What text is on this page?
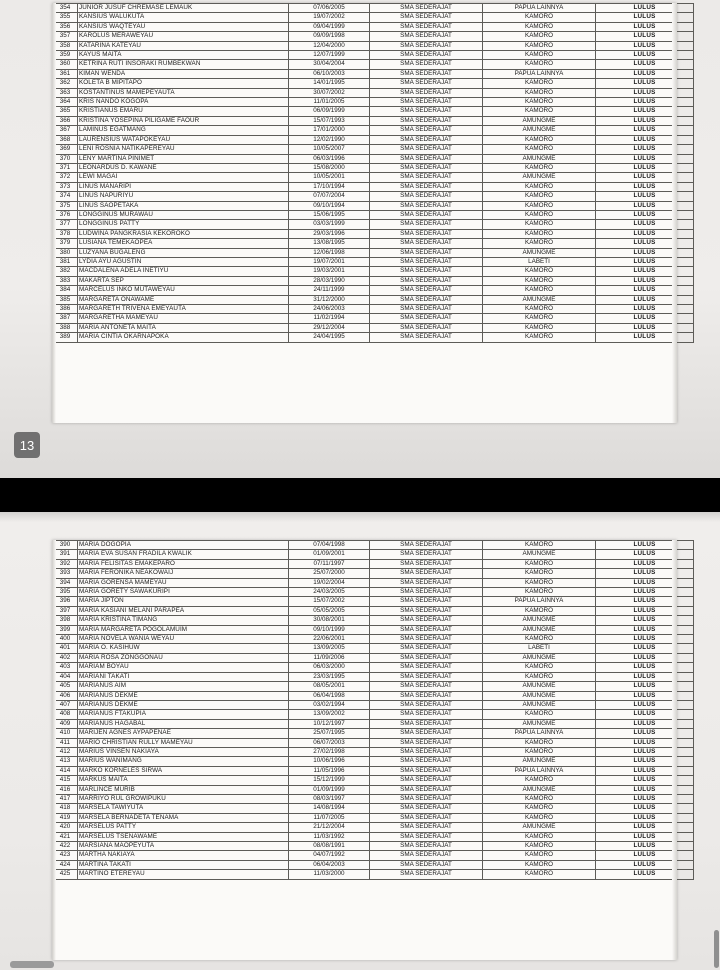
354	JUNIOR JUSUF CHREMASE LEMAUK	07/06/2005	SMA SEDERAJAT	PAPUA LAINNYA	LULUS
355	KANSIUS WALUKUTA	19/07/2002	SMA SEDERAJAT	KAMORO	LULUS
356	KANSIUS WAQTEYAU	09/04/1999	SMA SEDERAJAT	KAMORO	LULUS
357	KAROLUS MERAWEYAU	09/09/1998	SMA SEDERAJAT	KAMORO	LULUS
358	KATARINA KATEYAU	12/04/2000	SMA SEDERAJAT	KAMORO	LULUS
359	KAYUS MAITA	12/07/1999	SMA SEDERAJAT	KAMORO	LULUS
360	KETRINA RUTI INSORAKI RUMBEKWAN	30/04/2004	SMA SEDERAJAT	KAMORO	LULUS
361	KIMAN WENDA	06/10/2003	SMA SEDERAJAT	PAPUA LAINNYA	LULUS
362	KOLETA B MIPITAPO	14/01/1995	SMA SEDERAJAT	KAMORO	LULUS
363	KOSTANTINUS MAMEPEYAUTA	30/07/2002	SMA SEDERAJAT	KAMORO	LULUS
364	KRIS NANDO KOGOPA	11/01/2005	SMA SEDERAJAT	KAMORO	LULUS
365	KRISTIANUS EMARU	06/09/1999	SMA SEDERAJAT	KAMORO	LULUS
366	KRISTINA YOSEPINA PILIGAME FAOUR	15/07/1993	SMA SEDERAJAT	AMUNGME	LULUS
367	LAMINUS EGATMANG	17/01/2000	SMA SEDERAJAT	AMUNGME	LULUS
368	LAURENSIUS WATAPOKEYAU	12/02/1990	SMA SEDERAJAT	KAMORO	LULUS
369	LENI ROSNIA NATIKAPEREYAU	10/05/2007	SMA SEDERAJAT	KAMORO	LULUS
370	LENY MARTINA PINIMET	06/03/1996	SMA SEDERAJAT	AMUNGME	LULUS
371	LEONARDUS D. KAWANE	15/08/2000	SMA SEDERAJAT	KAMORO	LULUS
372	LEWI MAGAI	10/05/2001	SMA SEDERAJAT	AMUNGME	LULUS
373	LINUS MANARIPI	17/10/1994	SMA SEDERAJAT	KAMORO	LULUS
374	LINUS NAPURIYU	07/07/2004	SMA SEDERAJAT	KAMORO	LULUS
375	LINUS SAOPETAKA	09/10/1994	SMA SEDERAJAT	KAMORO	LULUS
376	LONGGINUS MURAWAU	15/06/1995	SMA SEDERAJAT	KAMORO	LULUS
377	LONGGINUS PATTY	03/03/1999	SMA SEDERAJAT	KAMORO	LULUS
378	LUDWINA PANGKRASIA KEKOROKO	29/03/1996	SMA SEDERAJAT	KAMORO	LULUS
379	LUSIANA TEMEKAOPEA	13/08/1995	SMA SEDERAJAT	KAMORO	LULUS
380	LUZYANA BUGALENG	12/06/1998	SMA SEDERAJAT	AMUNGME	LULUS
381	LYDIA AYU AGUSTIN	19/07/2001	SMA SEDERAJAT	LABETI	LULUS
382	MACDALENA ADELA INETIYU	19/03/2001	SMA SEDERAJAT	KAMORO	LULUS
383	MAKARTA SEP	28/03/1990	SMA SEDERAJAT	KAMORO	LULUS
384	MARCELUS INKO MUTAWEYAU	24/11/1999	SMA SEDERAJAT	KAMORO	LULUS
385	MARGARETA ONAWAME	31/12/2000	SMA SEDERAJAT	AMUNGME	LULUS
386	MARGARETH TRIVENA EMEYAUTA	24/06/2003	SMA SEDERAJAT	KAMORO	LULUS
387	MARGARETHA MAMEYAU	11/02/1994	SMA SEDERAJAT	KAMORO	LULUS
388	MARIA ANTONETA MAITA	29/12/2004	SMA SEDERAJAT	KAMORO	LULUS
389	MARIA CINTIA OKARNAPOKA	24/04/1995	SMA SEDERAJAT	KAMORO	LULUS
13
390	MARIA DOGOPIA	07/04/1998	SMA SEDERAJAT	KAMORO	LULUS
391	MARIA EVA SUSAN FRADILA KWALIK	01/09/2001	SMA SEDERAJAT	AMUNGME	LULUS
392	MARIA FELISITAS EMAKEPARO	07/11/1997	SMA SEDERAJAT	KAMORO	LULUS
393	MARIA FERONIKA NEAKOWAIJ	25/07/2000	SMA SEDERAJAT	KAMORO	LULUS
394	MARIA GORENSA MAMEYAU	19/02/2004	SMA SEDERAJAT	KAMORO	LULUS
395	MARIA GORETY SAWAKURIPI	24/03/2005	SMA SEDERAJAT	KAMORO	LULUS
396	MARIA JIPTON	15/07/2002	SMA SEDERAJAT	PAPUA LAINNYA	LULUS
397	MARIA KASIANI MELANI PARAPEA	05/05/2005	SMA SEDERAJAT	KAMORO	LULUS
398	MARIA KRISTINA TIMANG	30/08/2001	SMA SEDERAJAT	AMUNGME	LULUS
399	MARIA MARGARETA POGOLAMUIM	09/10/1999	SMA SEDERAJAT	AMUNGME	LULUS
400	MARIA NOVELA WANIA WEYAU	22/06/2001	SMA SEDERAJAT	KAMORO	LULUS
401	MARIA O. KASIHUW	13/09/2005	SMA SEDERAJAT	LABETI	LULUS
402	MARIA ROSA ZONGGONAU	11/09/2006	SMA SEDERAJAT	AMUNGME	LULUS
403	MARIAM BOYAU	06/03/2000	SMA SEDERAJAT	KAMORO	LULUS
404	MARIANI TAKATI	23/03/1995	SMA SEDERAJAT	KAMORO	LULUS
405	MARIANUS AIM	08/05/2001	SMA SEDERAJAT	AMUNGME	LULUS
406	MARIANUS DEKME	06/04/1998	SMA SEDERAJAT	AMUNGME	LULUS
407	MARIANUS DEKME	03/02/1994	SMA SEDERAJAT	AMUNGME	LULUS
408	MARIANUS FTAKUPIA	13/09/2002	SMA SEDERAJAT	KAMORO	LULUS
409	MARIANUS HAGABAL	10/12/1997	SMA SEDERAJAT	AMUNGME	LULUS
410	MARIJEN AGNES AYPAPENAE	25/07/1995	SMA SEDERAJAT	PAPUA LAINNYA	LULUS
411	MARIO CHRISTIAN RULLY MAMEYAU	06/07/2003	SMA SEDERAJAT	KAMORO	LULUS
412	MARIUS VINSEN NAKIAYA	27/02/1998	SMA SEDERAJAT	KAMORO	LULUS
413	MARIUS WANIMANG	10/06/1996	SMA SEDERAJAT	AMUNGME	LULUS
414	MARKO KORNELES SIRWA	11/05/1996	SMA SEDERAJAT	PAPUA LAINNYA	LULUS
415	MARKUS MAITA	15/12/1999	SMA SEDERAJAT	KAMORO	LULUS
416	MARLINCE MURIB	01/09/1999	SMA SEDERAJAT	AMUNGME	LULUS
417	MARRIYO RUL GROWIPUKU	08/03/1997	SMA SEDERAJAT	KAMORO	LULUS
418	MARSELA TAWIYUTA	14/08/1994	SMA SEDERAJAT	KAMORO	LULUS
419	MARSELA BERNADETA TENAMA	11/07/2005	SMA SEDERAJAT	KAMORO	LULUS
420	MARSELUS PATTY	21/12/2004	SMA SEDERAJAT	AMUNGME	LULUS
421	MARSELUS TSENAWAME	11/03/1992	SMA SEDERAJAT	KAMORO	LULUS
422	MARSIANA MAOPEYUTA	08/08/1991	SMA SEDERAJAT	KAMORO	LULUS
423	MARTHA NAKIAYA	04/07/1992	SMA SEDERAJAT	KAMORO	LULUS
424	MARTINA TAKATI	06/04/2003	SMA SEDERAJAT	KAMORO	LULUS
425	MARTINO ETEREYAU	11/03/2000	SMA SEDERAJAT	KAMORO	LULUS
